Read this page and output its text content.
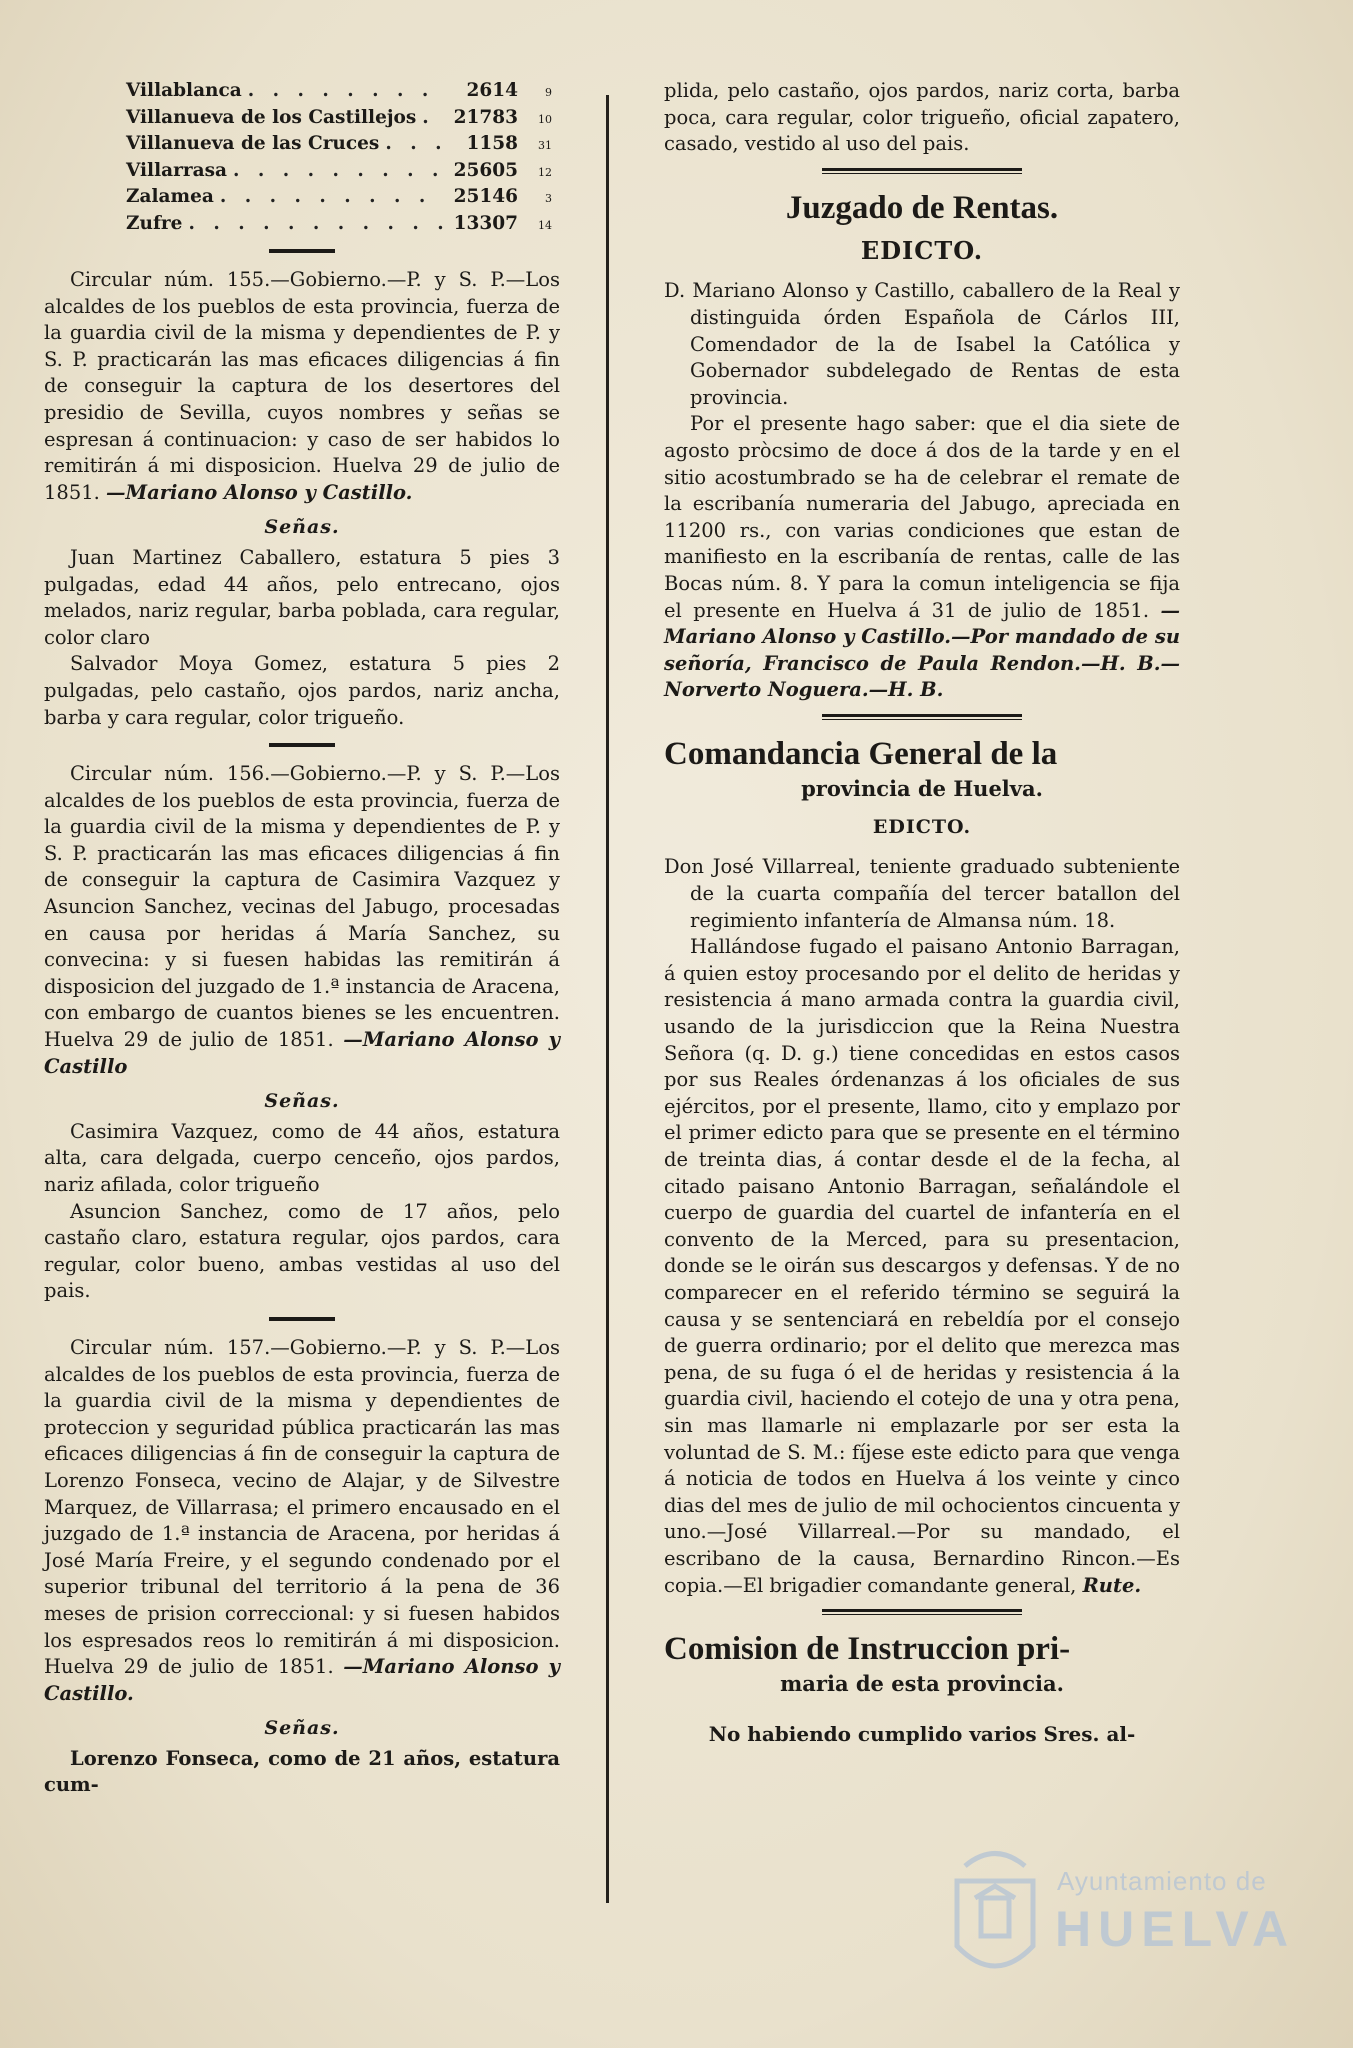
Villablanca . . .	2614	9
Villanueva de los Castillejos . . .	21783	10
Villanueva de las Cruces . . .	1158	31
Villarrasa . . .	25605	12
Zalamea . . .	25146	3
Zufre . . .	13307	14

Circular núm. 155.—Gobierno.—P. y S. P.—Los alcaldes de los pueblos de esta provincia, fuerza de la guardia civil de la misma y dependientes de P. y S. P. practicarán las mas eficaces diligencias á fin de conseguir la captura de los desertores del presidio de Sevilla, cuyos nombres y señas se espresan á continuacion: y caso de ser habidos lo remitirán á mi disposicion. Huelva 29 de julio de 1851. —Mariano Alonso y Castillo.

Señas.

Juan Martinez Caballero, estatura 5 pies 3 pulgadas, edad 44 años, pelo entrecano, ojos melados, nariz regular, barba poblada, cara regular, color claro

Salvador Moya Gomez, estatura 5 pies 2 pulgadas, pelo castaño, ojos pardos, nariz ancha, barba y cara regular, color trigueño.

Circular núm. 156.—Gobierno.—P. y S. P.—Los alcaldes de los pueblos de esta provincia, fuerza de la guardia civil de la misma y dependientes de P. y S. P. practicarán las mas eficaces diligencias á fin de conseguir la captura de Casimira Vazquez y Asuncion Sanchez, vecinas del Jabugo, procesadas en causa por heridas á María Sanchez, su convecina: y si fuesen habidas las remitirán á disposicion del juzgado de 1.ª instancia de Aracena, con embargo de cuantos bienes se les encuentren. Huelva 29 de julio de 1851. —Mariano Alonso y Castillo

Señas.

Casimira Vazquez, como de 44 años, estatura alta, cara delgada, cuerpo cenceño, ojos pardos, nariz afilada, color trigueño

Asuncion Sanchez, como de 17 años, pelo castaño claro, estatura regular, ojos pardos, cara regular, color bueno, ambas vestidas al uso del pais.

Circular núm. 157.—Gobierno.—P. y S. P.—Los alcaldes de los pueblos de esta provincia, fuerza de la guardia civil de la misma y dependientes de proteccion y seguridad pública practicarán las mas eficaces diligencias á fin de conseguir la captura de Lorenzo Fonseca, vecino de Alajar, y de Silvestre Marquez, de Villarrasa; el primero encausado en el juzgado de 1.ª instancia de Aracena, por heridas á José María Freire, y el segundo condenado por el superior tribunal del territorio á la pena de 36 meses de prision correccional: y si fuesen habidos los espresados reos lo remitirán á mi disposicion. Huelva 29 de julio de 1851. —Mariano Alonso y Castillo.

Señas.

Lorenzo Fonseca, como de 21 años, estatura cum-

plida, pelo castaño, ojos pardos, nariz corta, barba poca, cara regular, color trigueño, oficial zapatero, casado, vestido al uso del pais.

Juzgado de Rentas.
EDICTO.

D. Mariano Alonso y Castillo, caballero de la Real y distinguida órden Española de Cárlos III, Comendador de la de Isabel la Católica y Gobernador subdelegado de Rentas de esta provincia.

Por el presente hago saber: que el dia siete de agosto pròcsimo de doce á dos de la tarde y en el sitio acostumbrado se ha de celebrar el remate de la escribanía numeraria del Jabugo, apreciada en 11200 rs., con varias condiciones que estan de manifiesto en la escribanía de rentas, calle de las Bocas núm. 8. Y para la comun inteligencia se fija el presente en Huelva á 31 de julio de 1851. —Mariano Alonso y Castillo.—Por mandado de su señoría, Francisco de Paula Rendon.—H. B.—Norverto Noguera.—H. B.

Comandancia General de la
provincia de Huelva.
EDICTO.

Don José Villarreal, teniente graduado subteniente de la cuarta compañía del tercer batallon del regimiento infantería de Almansa núm. 18.

Hallándose fugado el paisano Antonio Barragan, á quien estoy procesando por el delito de heridas y resistencia á mano armada contra la guardia civil, usando de la jurisdiccion que la Reina Nuestra Señora (q. D. g.) tiene concedidas en estos casos por sus Reales órdenanzas á los oficiales de sus ejércitos, por el presente, llamo, cito y emplazo por el primer edicto para que se presente en el término de treinta dias, á contar desde el de la fecha, al citado paisano Antonio Barragan, señalándole el cuerpo de guardia del cuartel de infantería en el convento de la Merced, para su presentacion, donde se le oirán sus descargos y defensas. Y de no comparecer en el referido término se seguirá la causa y se sentenciará en rebeldía por el consejo de guerra ordinario; por el delito que merezca mas pena, de su fuga ó el de heridas y resistencia á la guardia civil, haciendo el cotejo de una y otra pena, sin mas llamarle ni emplazarle por ser esta la voluntad de S. M.: fíjese este edicto para que venga á noticia de todos en Huelva á los veinte y cinco dias del mes de julio de mil ochocientos cincuenta y uno.—José Villarreal.—Por su mandado, el escribano de la causa, Bernardino Rincon.—Es copia.—El brigadier comandante general, Rute.

Comision de Instruccion pri-
maria de esta provincia.
No habiendo cumplido varios Sres. al-
Ayuntamiento de
HUELVA
